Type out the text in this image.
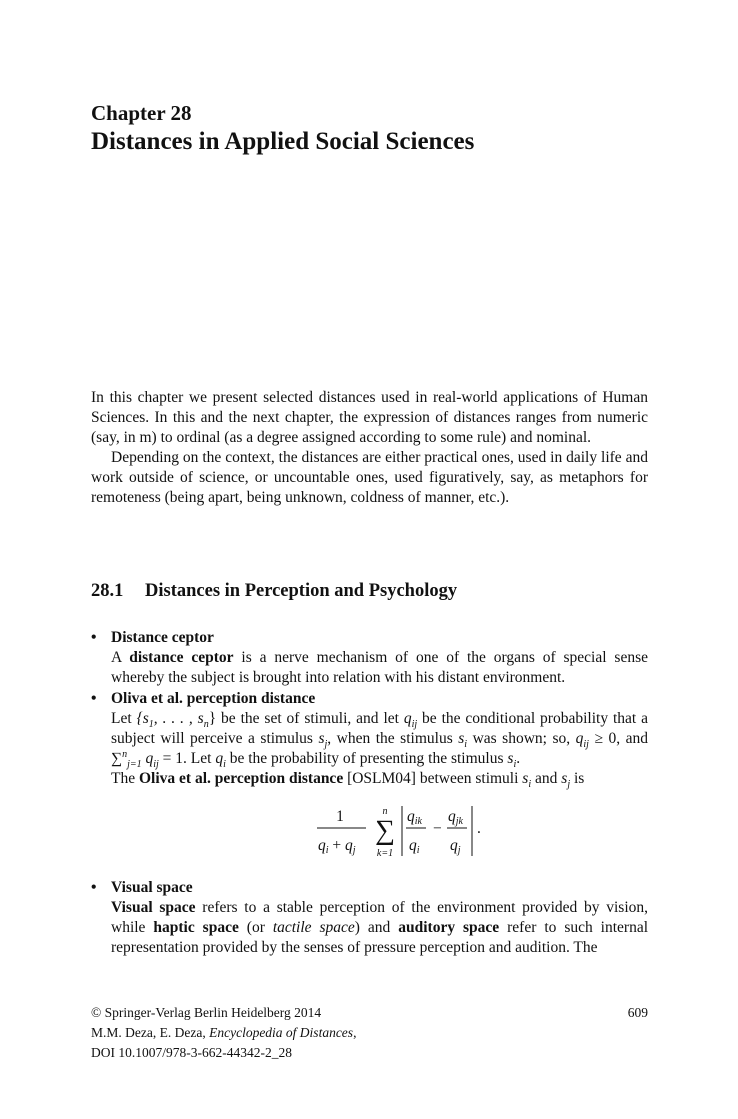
Chapter 28
Distances in Applied Social Sciences

In this chapter we present selected distances used in real-world applications of Human Sciences. In this and the next chapter, the expression of distances ranges from numeric (say, in m) to ordinal (as a degree assigned according to some rule) and nominal.

Depending on the context, the distances are either practical ones, used in daily life and work outside of science, or uncountable ones, used figuratively, say, as metaphors for remoteness (being apart, being unknown, coldness of manner, etc.).

28.1 Distances in Perception and Psychology
• Distance ceptor

A distance ceptor is a nerve mechanism of one of the organs of special sense whereby the subject is brought into relation with his distant environment.

• Oliva et al. perception distance

Let {$s_1$, . . . , $s_n$} be the set of stimuli, and let $q_{ij}$ be the conditional probability that a subject will perceive a stimulus $s_j$, when the stimulus $s_i$ was shown; so, $q_{ij} \ge 0$, and ∑$^n_{j=1}$ $q_{ij} = 1$. Let $q_i$ be the probability of presenting the stimulus $s_i$.

The Oliva et al. perception distance [OSLM04] between stimuli $s_i$ and $s_j$ is

1
qi + qj
n
∑
k=1
qik
qi
−
qjk
qj
.
• Visual space

Visual space refers to a stable perception of the environment provided by vision, while haptic space (or tactile space) and auditory space refer to such internal representation provided by the senses of pressure perception and audition. The

© Springer-Verlag Berlin Heidelberg 2014
M.M. Deza, E. Deza, Encyclopedia of Distances,
DOI 10.1007/978-3-662-44342-2_28
609
